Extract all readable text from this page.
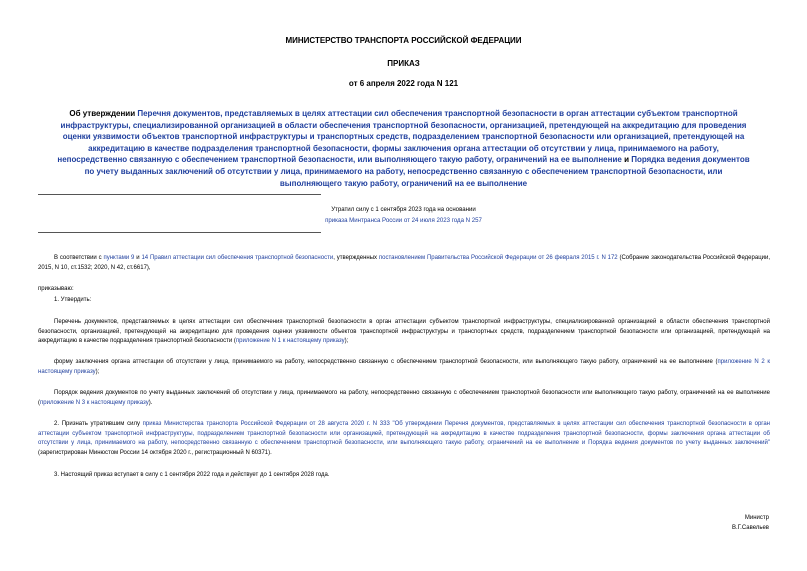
МИНИСТЕРСТВО ТРАНСПОРТА РОССИЙСКОЙ ФЕДЕРАЦИИ
ПРИКАЗ
от 6 апреля 2022 года N 121
Об утверждении Перечня документов, представляемых в целях аттестации сил обеспечения транспортной безопасности в орган аттестации субъектом транспортной инфраструктуры, специализированной организацией в области обеспечения транспортной безопасности, организацией, претендующей на аккредитацию для проведения оценки уязвимости объектов транспортной инфраструктуры и транспортных средств, подразделением транспортной безопасности или организацией, претендующей на аккредитацию в качестве подразделения транспортной безопасности, формы заключения органа аттестации об отсутствии у лица, принимаемого на работу, непосредственно связанную с обеспечением транспортной безопасности, или выполняющего такую работу, ограничений на ее выполнение и Порядка ведения документов по учету выданных заключений об отсутствии у лица, принимаемого на работу, непосредственно связанную с обеспечением транспортной безопасности, или выполняющего такую работу, ограничений на ее выполнение
Утратил силу с 1 сентября 2023 года на основании
приказа Минтранса России от 24 июля 2023 года N 257
В соответствии с пунктами 9 и 14 Правил аттестации сил обеспечения транспортной безопасности, утвержденных постановлением Правительства Российской Федерации от 26 февраля 2015 г. N 172 (Собрание законодательства Российской Федерации, 2015, N 10, ст.1532; 2020, N 42, ст.6617),
приказываю:
1. Утвердить:
Перечень документов, представляемых в целях аттестации сил обеспечения транспортной безопасности в орган аттестации субъектом транспортной инфраструктуры, специализированной организацией в области обеспечения транспортной безопасности, организацией, претендующей на аккредитацию для проведения оценки уязвимости объектов транспортной инфраструктуры и транспортных средств, подразделением транспортной безопасности или организацией, претендующей на аккредитацию в качестве подразделения транспортной безопасности (приложение N 1 к настоящему приказу);
форму заключения органа аттестации об отсутствии у лица, принимаемого на работу, непосредственно связанную с обеспечением транспортной безопасности, или выполняющего такую работу, ограничений на ее выполнение (приложение N 2 к настоящему приказу);
Порядок ведения документов по учету выданных заключений об отсутствии у лица, принимаемого на работу, непосредственно связанную с обеспечением транспортной безопасности или выполняющего такую работу, ограничений на ее выполнение (приложение N 3 к настоящему приказу).
2. Признать утратившим силу приказ Министерства транспорта Российской Федерации от 28 августа 2020 г. N 333 "Об утверждении Перечня документов, представляемых в целях аттестации сил обеспечения транспортной безопасности в орган аттестации субъектом транспортной инфраструктуры, подразделением транспортной безопасности или организацией, претендующей на аккредитацию в качестве подразделения транспортной безопасности, формы заключения органа аттестации об отсутствии у лица, принимаемого на работу, непосредственно связанную с обеспечением транспортной безопасности, или выполняющего такую работу, ограничений на ее выполнение и Порядка ведения документов по учету выданных заключений" (зарегистрирован Минюстом России 14 октября 2020 г., регистрационный N 60371).
3. Настоящий приказ вступает в силу с 1 сентября 2022 года и действует до 1 сентября 2028 года.
Министр
В.Г.Савельев
